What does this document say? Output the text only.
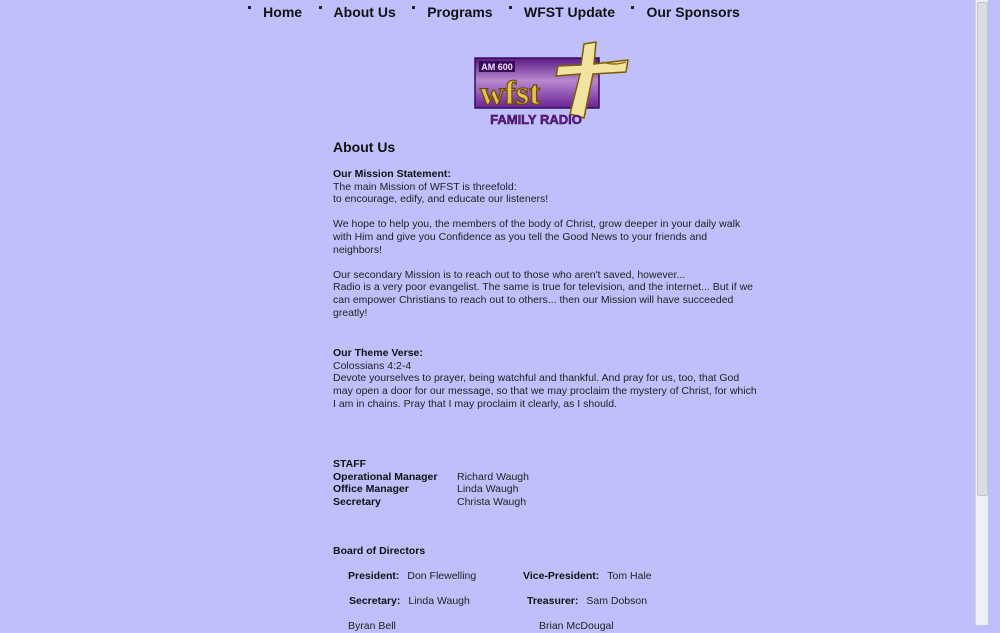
Home About Us Programs WFST Update Our Sponsors
AM 600
wfst
FAMILY RADIO
About Us
Our Mission Statement:
The main Mission of WFST is threefold:
to encourage, edify, and educate our listeners!
We hope to help you, the members of the body of Christ, grow deeper in your daily walk with Him and give you Confidence as you tell the Good News to your friends and neighbors!
Our secondary Mission is to reach out to those who aren't saved, however...
Radio is a very poor evangelist. The same is true for television, and the internet... But if we can empower Christians to reach out to others... then our Mission will have succeeded greatly!
Our Theme Verse:
Colossians 4:2-4
Devote yourselves to prayer, being watchful and thankful. And pray for us, too, that God may open a door for our message, so that we may proclaim the mystery of Christ, for which I am in chains. Pray that I may proclaim it clearly, as I should.
STAFF
Operational Manager	Richard Waugh
Office Manager	Linda Waugh
Secretary	Christa Waugh
Board of Directors
President: Don Flewelling	Vice-President: Tom Hale
Secretary: Linda Waugh	Treasurer: Sam Dobson
Byran Bell	Brian McDougal
